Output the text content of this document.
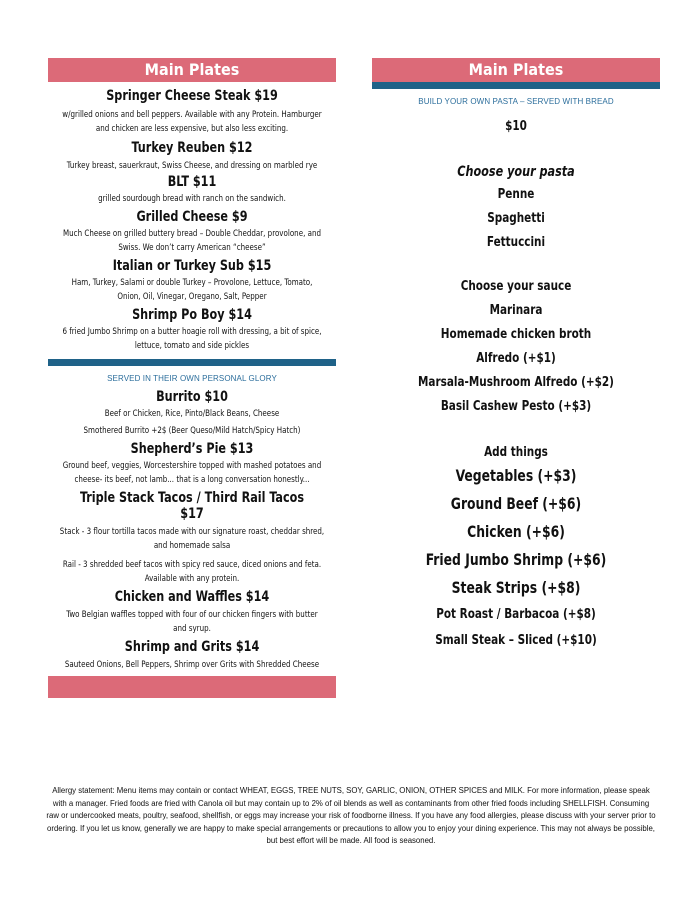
Main Plates
Springer Cheese Steak $19
w/grilled onions and bell peppers. Available with any Protein. Hamburger and chicken are less expensive, but also less exciting.
Turkey Reuben $12
Turkey breast, sauerkraut, Swiss Cheese, and dressing on marbled rye
BLT $11
grilled sourdough bread with ranch on the sandwich.
Grilled Cheese $9
Much Cheese on grilled buttery bread – Double Cheddar, provolone, and Swiss. We don’t carry American “cheese”
Italian or Turkey Sub $15
Ham, Turkey, Salami or double Turkey – Provolone, Lettuce, Tomato, Onion, Oil, Vinegar, Oregano, Salt, Pepper
Shrimp Po Boy $14
6 fried Jumbo Shrimp on a butter hoagie roll with dressing, a bit of spice, lettuce, tomato and side pickles
SERVED IN THEIR OWN PERSONAL GLORY
Burrito $10
Beef or Chicken, Rice, Pinto/Black Beans, Cheese
Smothered Burrito +2$ (Beer Queso/Mild Hatch/Spicy Hatch)
Shepherd’s Pie $13
Ground beef, veggies, Worcestershire topped with mashed potatoes and cheese- its beef, not lamb... that is a long conversation honestly...
Triple Stack Tacos / Third Rail Tacos $17
Stack - 3 flour tortilla tacos made with our signature roast, cheddar shred, and homemade salsa
Rail - 3 shredded beef tacos with spicy red sauce, diced onions and feta. Available with any protein.
Chicken and Waffles $14
Two Belgian waffles topped with four of our chicken fingers with butter and syrup.
Shrimp and Grits $14
Sauteed Onions, Bell Peppers, Shrimp over Grits with Shredded Cheese
Main Plates
BUILD YOUR OWN PASTA – SERVED WITH BREAD
$10
Choose your pasta
Penne
Spaghetti
Fettuccini
Choose your sauce
Marinara
Homemade chicken broth
Alfredo (+$1)
Marsala-Mushroom Alfredo (+$2)
Basil Cashew Pesto (+$3)
Add things
Vegetables (+$3)
Ground Beef (+$6)
Chicken (+$6)
Fried Jumbo Shrimp (+$6)
Steak Strips (+$8)
Pot Roast / Barbacoa (+$8)
Small Steak – Sliced (+$10)
Allergy statement: Menu items may contain or contact WHEAT, EGGS, TREE NUTS, SOY, GARLIC, ONION, OTHER SPICES and MILK. For more information, please speak with a manager. Fried foods are fried with Canola oil but may contain up to 2% of oil blends as well as contaminants from other fried foods including SHELLFISH. Consuming raw or undercooked meats, poultry, seafood, shellfish, or eggs may increase your risk of foodborne illness. If you have any food allergies, please discuss with your server prior to ordering. If you let us know, generally we are happy to make special arrangements or precautions to allow you to enjoy your dining experience. This may not always be possible, but best effort will be made. All food is seasoned.
